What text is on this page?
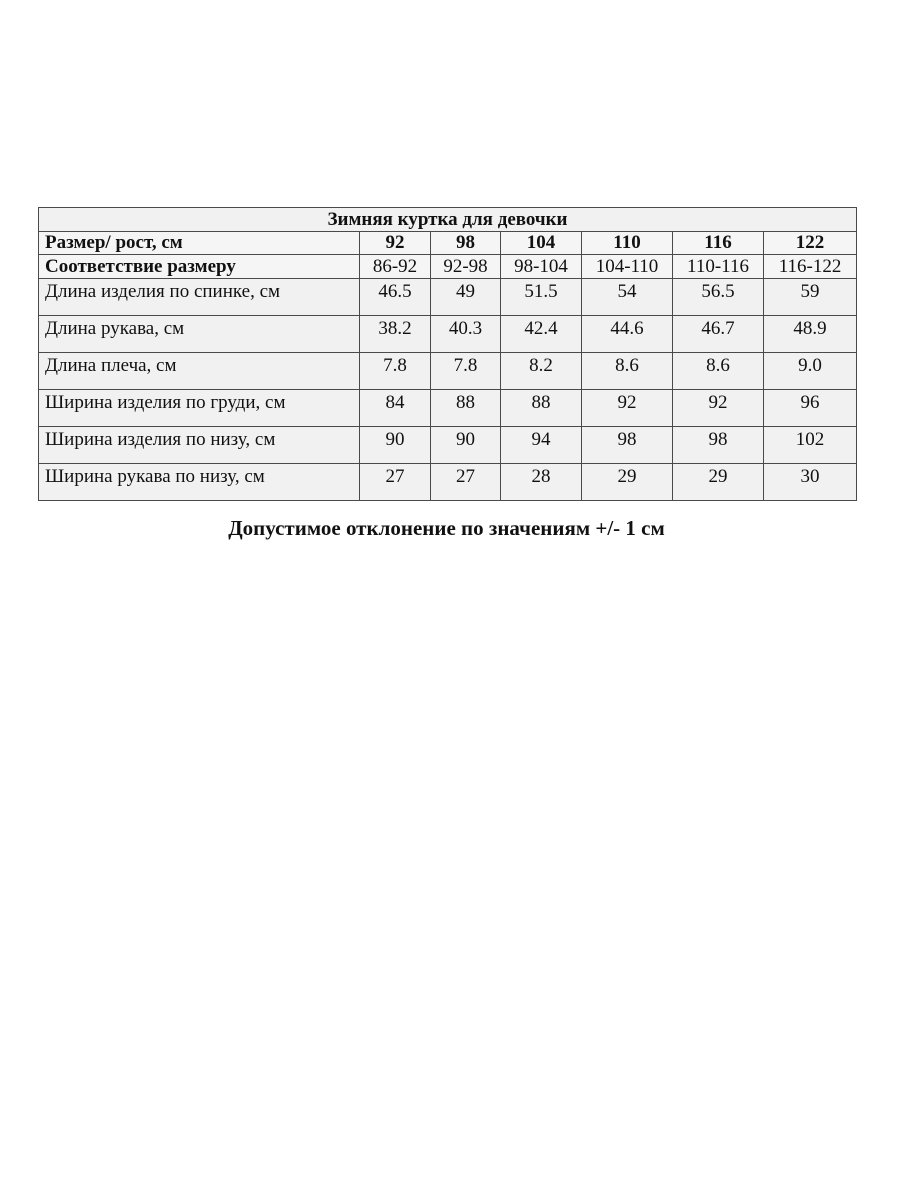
Зимняя куртка для девочки						
Размер/ рост, см	92	98	104	110	116	122
Соответствие размеру	86-92	92-98	98-104	104-110	110-116	116-122
Длина изделия по спинке, см	46.5	49	51.5	54	56.5	59
Длина рукава, см	38.2	40.3	42.4	44.6	46.7	48.9
Длина плеча, см	7.8	7.8	8.2	8.6	8.6	9.0
Ширина изделия по груди, см	84	88	88	92	92	96
Ширина изделия по низу, см	90	90	94	98	98	102
Ширина рукава по низу, см	27	27	28	29	29	30
Допустимое отклонение по значениям +/- 1 см
